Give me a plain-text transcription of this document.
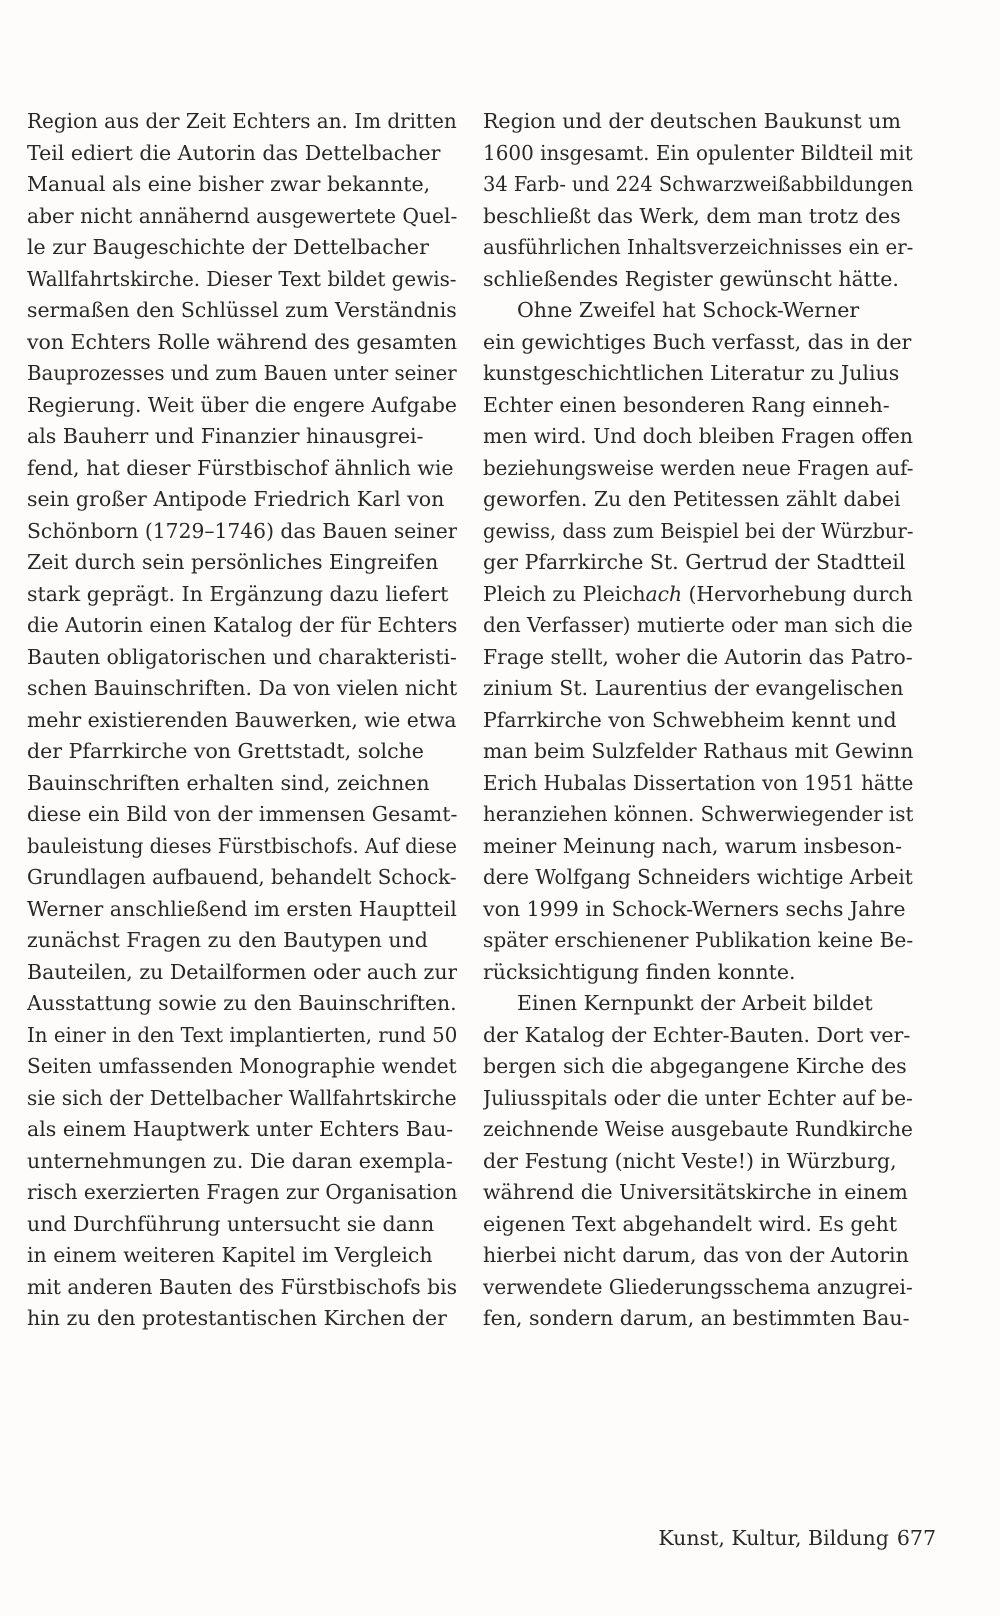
Region aus der Zeit Echters an. Im dritten
Teil ediert die Autorin das Dettelbacher
Manual als eine bisher zwar bekannte,
aber nicht annähernd ausgewertete Quel-
le zur Baugeschichte der Dettelbacher
Wallfahrtskirche. Dieser Text bildet gewis-
sermaßen den Schlüssel zum Verständnis
von Echters Rolle während des gesamten
Bauprozesses und zum Bauen unter seiner
Regierung. Weit über die engere Aufgabe
als Bauherr und Finanzier hinausgrei-
fend, hat dieser Fürstbischof ähnlich wie
sein großer Antipode Friedrich Karl von
Schönborn (1729–1746) das Bauen seiner
Zeit durch sein persönliches Eingreifen
stark geprägt. In Ergänzung dazu liefert
die Autorin einen Katalog der für Echters
Bauten obligatorischen und charakteristi-
schen Bauinschriften. Da von vielen nicht
mehr existierenden Bauwerken, wie etwa
der Pfarrkirche von Grettstadt, solche
Bauinschriften erhalten sind, zeichnen
diese ein Bild von der immensen Gesamt-
bauleistung dieses Fürstbischofs. Auf diese
Grundlagen aufbauend, behandelt Schock-
Werner anschließend im ersten Hauptteil
zunächst Fragen zu den Bautypen und
Bauteilen, zu Detailformen oder auch zur
Ausstattung sowie zu den Bauinschriften.
In einer in den Text implantierten, rund 50
Seiten umfassenden Monographie wendet
sie sich der Dettelbacher Wallfahrtskirche
als einem Hauptwerk unter Echters Bau-
unternehmungen zu. Die daran exempla-
risch exerzierten Fragen zur Organisation
und Durchführung untersucht sie dann
in einem weiteren Kapitel im Vergleich
mit anderen Bauten des Fürstbischofs bis
hin zu den protestantischen Kirchen der
Region und der deutschen Baukunst um
1600 insgesamt. Ein opulenter Bildteil mit
34 Farb- und 224 Schwarzweißabbildungen
beschließt das Werk, dem man trotz des
ausführlichen Inhaltsverzeichnisses ein er-
schließendes Register gewünscht hätte.
Ohne Zweifel hat Schock-Werner
ein gewichtiges Buch verfasst, das in der
kunstgeschichtlichen Literatur zu Julius
Echter einen besonderen Rang einneh-
men wird. Und doch bleiben Fragen offen
beziehungsweise werden neue Fragen auf-
geworfen. Zu den Petitessen zählt dabei
gewiss, dass zum Beispiel bei der Würzbur-
ger Pfarrkirche St. Gertrud der Stadtteil
Pleich zu Pleichach (Hervorhebung durch
den Verfasser) mutierte oder man sich die
Frage stellt, woher die Autorin das Patro-
zinium St. Laurentius der evangelischen
Pfarrkirche von Schwebheim kennt und
man beim Sulzfelder Rathaus mit Gewinn
Erich Hubalas Dissertation von 1951 hätte
heranziehen können. Schwerwiegender ist
meiner Meinung nach, warum insbeson-
dere Wolfgang Schneiders wichtige Arbeit
von 1999 in Schock-Werners sechs Jahre
später erschienener Publikation keine Be-
rücksichtigung finden konnte.
Einen Kernpunkt der Arbeit bildet
der Katalog der Echter-Bauten. Dort ver-
bergen sich die abgegangene Kirche des
Juliusspitals oder die unter Echter auf be-
zeichnende Weise ausgebaute Rundkirche
der Festung (nicht Veste!) in Würzburg,
während die Universitätskirche in einem
eigenen Text abgehandelt wird. Es geht
hierbei nicht darum, das von der Autorin
verwendete Gliederungsschema anzugrei-
fen, sondern darum, an bestimmten Bau-
Kunst, Kultur, Bildung 677
